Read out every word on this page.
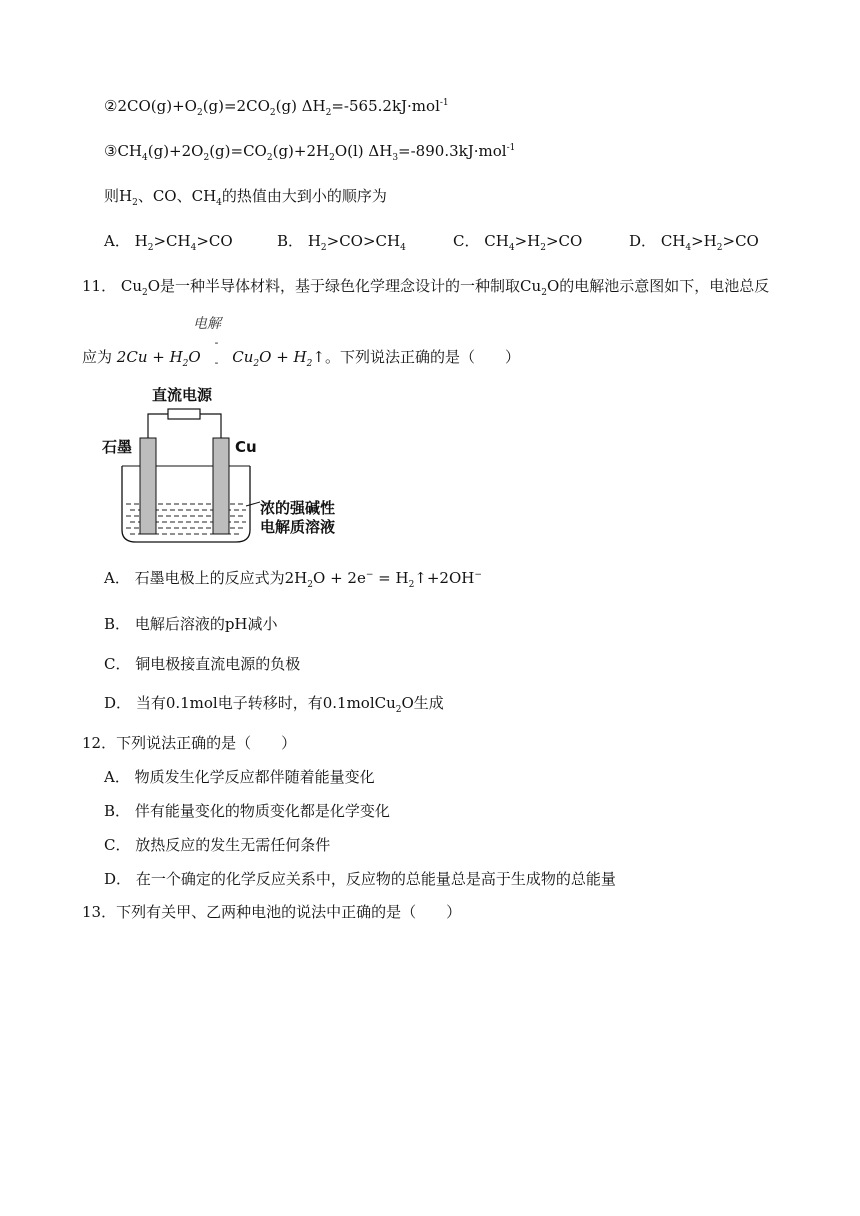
$②2CO(g)+O_2(g)=2CO_2(g)$ $\Delta H_2=-565.2kJ\cdot mol^{-1}$
$③CH_4(g)+2O_2(g)=CO_2(g)+2H_2O(l)$ $\Delta H_3=-890.3kJ\cdot mol^{-1}$
则$H_2$、CO、$CH_4$的热值由大到小的顺序为
A． $H_2>CH_4>CO$	B． $H_2>CO>CH_4$	C． $CH_4>H_2>CO$	D． $CH_4>H_2>CO$
11． $Cu_2O$是一种半导体材料，基于绿色化学理念设计的一种制取$Cu_2O$的电解池示意图如下，电池总反
电解
应为 $2Cu + H_2O$ -
- $Cu_2O$ + $H_2↑$。下列说法正确的是（　　）
直流电源
石墨	Cu
浓的强碱性
电解质溶液
A． 石墨电极上的反应式为$2H_2O + 2e^-$ = $H_2↑+2OH^-$
B． 电解后溶液的pH减小
C． 铜电极接直流电源的负极
D． 当有0.1mol电子转移时，有0.1molCu$_2$O生成
12．下列说法正确的是（　　）
A． 物质发生化学反应都伴随着能量变化
B． 伴有能量变化的物质变化都是化学变化
C． 放热反应的发生无需任何条件
D． 在一个确定的化学反应关系中，反应物的总能量总是高于生成物的总能量
13．下列有关甲、乙两种电池的说法中正确的是（　　）
